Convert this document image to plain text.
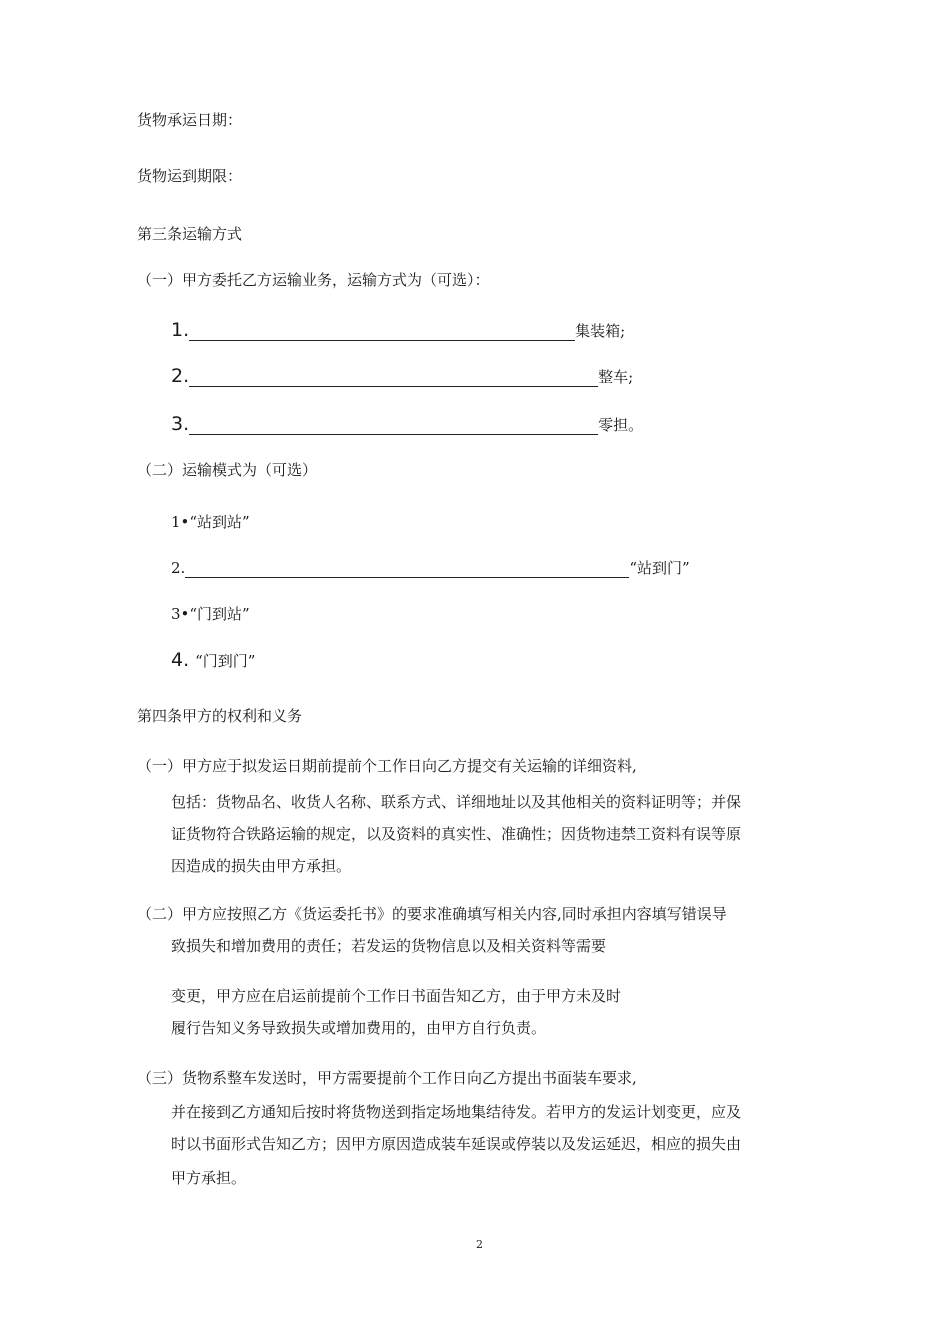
货物承运日期：
货物运到期限：
第三条运输方式
（一）甲方委托乙方运输业务，运输方式为（可选）：
1.	集装箱;
2.	整车;
3.	零担。
（二）运输模式为（可选）
1•“站到站”
2.	“站到门”
3•“门到站”
4. “门到门”
第四条甲方的权利和义务
（一）甲方应于拟发运日期前提前个工作日向乙方提交有关运输的详细资料,
包括：货物品名、收货人名称、联系方式、详细地址以及其他相关的资料证明等；并保
证货物符合铁路运输的规定，以及资料的真实性、准确性；因货物违禁工资料有误等原
因造成的损失由甲方承担。
（二）甲方应按照乙方《货运委托书》的要求准确填写相关内容,同时承担内容填写错误导
致损失和增加费用的责任；若发运的货物信息以及相关资料等需要
变更，甲方应在启运前提前个工作日书面告知乙方，由于甲方未及时
履行告知义务导致损失或增加费用的，由甲方自行负责。
（三）货物系整车发送时，甲方需要提前个工作日向乙方提出书面装车要求,
并在接到乙方通知后按时将货物送到指定场地集结待发。若甲方的发运计划变更，应及
时以书面形式告知乙方；因甲方原因造成装车延误或停装以及发运延迟，相应的损失由
甲方承担。
2
